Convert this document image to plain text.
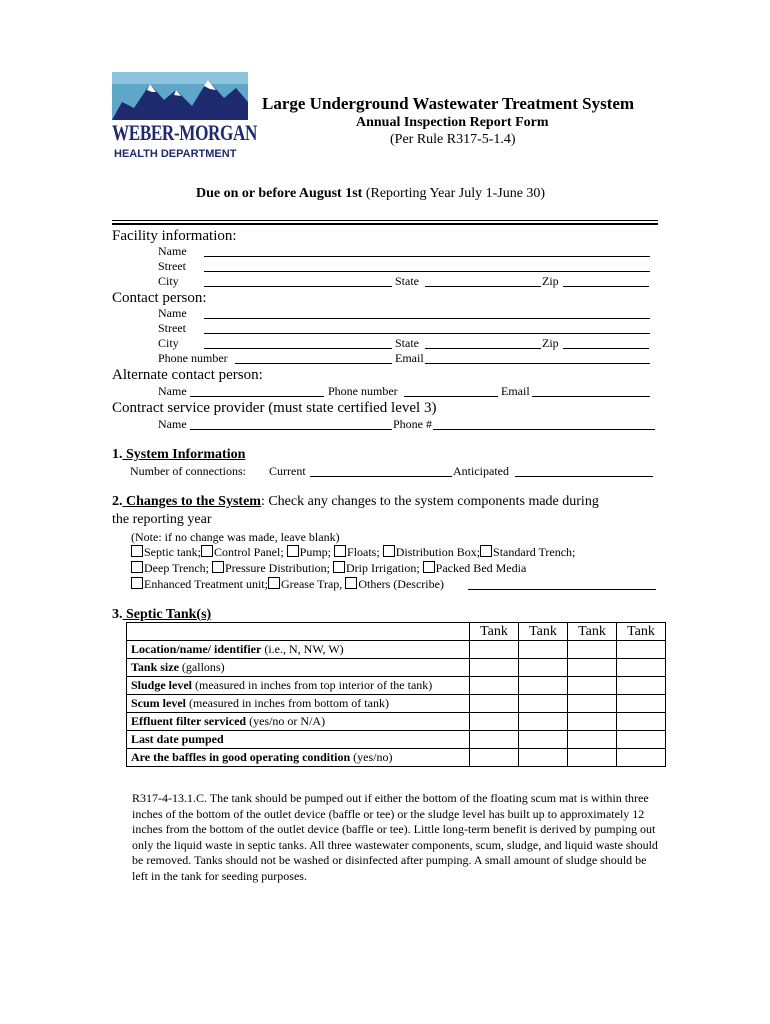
WEBER-MORGAN
HEALTH DEPARTMENT
Large Underground Wastewater Treatment System
Annual Inspection Report Form
(Per Rule R317-5-1.4)
Due on or before August 1st (Reporting Year July 1-June 30)
Facility information:
Name
Street
City	State	Zip
Contact person:
Name
Street
City	State	Zip
Phone number	Email
Alternate contact person:
Name	Phone number	Email
Contract service provider (must state certified level 3)
Name	Phone #
1. System Information
Number of connections: Current	Anticipated
2. Changes to the System: Check any changes to the system components made during
the reporting year
(Note: if no change was made, leave blank)
Septic tank; Control Panel; Pump; Floats; Distribution Box; Standard Trench;
Deep Trench; Pressure Distribution; Drip Irrigation; Packed Bed Media
Enhanced Treatment unit; Grease Trap, Others (Describe)
3. Septic Tank(s)
	Tank	Tank	Tank	Tank
Location/name/ identifier (i.e., N, NW, W)				
Tank size (gallons)				
Sludge level (measured in inches from top interior of the tank)				
Scum level (measured in inches from bottom of tank)				
Effluent filter serviced (yes/no or N/A)				
Last date pumped				
Are the baffles in good operating condition (yes/no)				
R317-4-13.1.C. The tank should be pumped out if either the bottom of the floating scum mat is within three inches of the bottom of the outlet device (baffle or tee) or the sludge level has built up to approximately 12 inches from the bottom of the outlet device (baffle or tee). Little long-term benefit is derived by pumping out only the liquid waste in septic tanks. All three wastewater components, scum, sludge, and liquid waste should be removed. Tanks should not be washed or disinfected after pumping. A small amount of sludge should be left in the tank for seeding purposes.
